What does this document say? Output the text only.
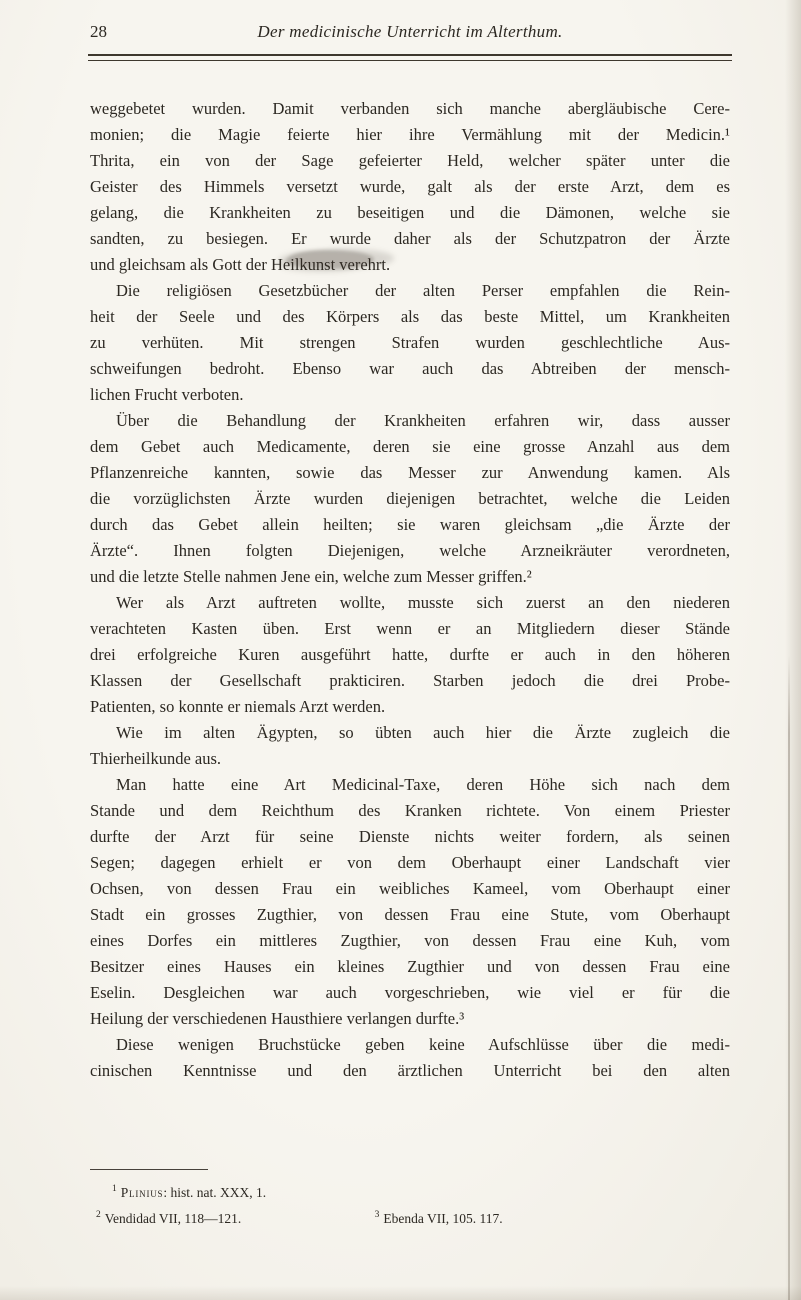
28	Der medicinische Unterricht im Alterthum.
weggebetet wurden. Damit verbanden sich manche abergläubische Cere-
monien; die Magie feierte hier ihre Vermählung mit der Medicin.¹
Thrita, ein von der Sage gefeierter Held, welcher später unter die
Geister des Himmels versetzt wurde, galt als der erste Arzt, dem es
gelang, die Krankheiten zu beseitigen und die Dämonen, welche sie
sandten, zu besiegen. Er wurde daher als der Schutzpatron der Ärzte
und gleichsam als Gott der Heilkunst verehrt.
Die religiösen Gesetzbücher der alten Perser empfahlen die Rein-
heit der Seele und des Körpers als das beste Mittel, um Krankheiten
zu verhüten. Mit strengen Strafen wurden geschlechtliche Aus-
schweifungen bedroht. Ebenso war auch das Abtreiben der mensch-
lichen Frucht verboten.
Über die Behandlung der Krankheiten erfahren wir, dass ausser
dem Gebet auch Medicamente, deren sie eine grosse Anzahl aus dem
Pflanzenreiche kannten, sowie das Messer zur Anwendung kamen. Als
die vorzüglichsten Ärzte wurden diejenigen betrachtet, welche die Leiden
durch das Gebet allein heilten; sie waren gleichsam „die Ärzte der
Ärzte“. Ihnen folgten Diejenigen, welche Arzneikräuter verordneten,
und die letzte Stelle nahmen Jene ein, welche zum Messer griffen.²
Wer als Arzt auftreten wollte, musste sich zuerst an den niederen
verachteten Kasten üben. Erst wenn er an Mitgliedern dieser Stände
drei erfolgreiche Kuren ausgeführt hatte, durfte er auch in den höheren
Klassen der Gesellschaft prakticiren. Starben jedoch die drei Probe-
Patienten, so konnte er niemals Arzt werden.
Wie im alten Ägypten, so übten auch hier die Ärzte zugleich die
Thierheilkunde aus.
Man hatte eine Art Medicinal-Taxe, deren Höhe sich nach dem
Stande und dem Reichthum des Kranken richtete. Von einem Priester
durfte der Arzt für seine Dienste nichts weiter fordern, als seinen
Segen; dagegen erhielt er von dem Oberhaupt einer Landschaft vier
Ochsen, von dessen Frau ein weibliches Kameel, vom Oberhaupt einer
Stadt ein grosses Zugthier, von dessen Frau eine Stute, vom Oberhaupt
eines Dorfes ein mittleres Zugthier, von dessen Frau eine Kuh, vom
Besitzer eines Hauses ein kleines Zugthier und von dessen Frau eine
Eselin. Desgleichen war auch vorgeschrieben, wie viel er für die
Heilung der verschiedenen Hausthiere verlangen durfte.³
Diese wenigen Bruchstücke geben keine Aufschlüsse über die medi-
cinischen Kenntnisse und den ärztlichen Unterricht bei den alten
$^1$ Plinius: hist. nat. XXX, 1.
$^2$ Vendidad VII, 118—121.	$^3$ Ebenda VII, 105. 117.
